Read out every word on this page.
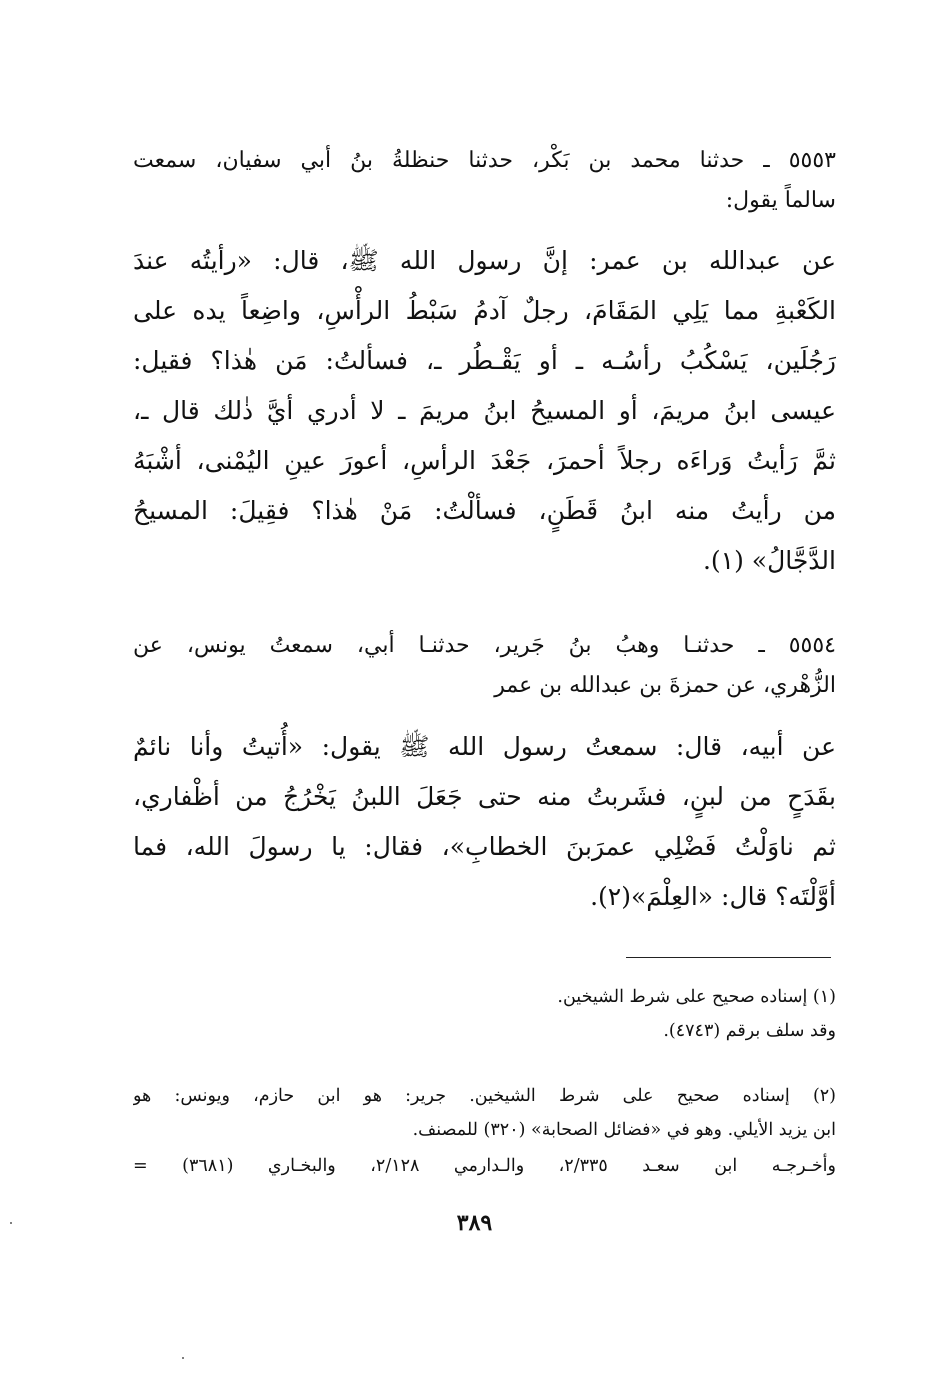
٥٥٥٣ ـ حدثنا محمد بن بَكْر، حدثنا حنظلةُ بنُ أبي سفيان، سمعت
سالماً يقول:
عن عبدالله بن عمر: إنَّ رسول الله ﷺ، قال: «رأيتُه عندَ
الكَعْبةِ مما يَلِي المَقَامَ، رجلٌ آدمُ سَبْطُ الرأْسِ، واضِعاً يده على
رَجُلَين، يَسْكُبُ رأسُـه ـ أو يَقْـطُر ـ، فسألتُ: مَن هٰذا؟ فقيل:
عيسى ابنُ مريمَ، أو المسيحُ ابنُ مريمَ ـ لا أدري أيَّ ذٰلك قال ـ،
ثمَّ رَأيتُ وَراءَه رجلاً أحمرَ، جَعْدَ الرأسِ، أعورَ عينِ اليُمْنى، أشْبَهُ
من رأيتُ منه ابنُ قَطَنٍ، فسألْتُ: مَنْ هٰذا؟ فقِيلَ: المسيحُ
الدَّجَّالُ» (١).
٥٥٥٤ ـ حدثنـا وهبُ بنُ جَرير، حدثنـا أبي، سمعتُ يونس، عن
الزُّهْري، عن حمزةَ بن عبدالله بن عمر
عن أبيه، قال: سمعتُ رسول الله ﷺ يقول: «أُتيتُ وأنا نائمٌ
بقَدَحٍ من لبنٍ، فشَربتُ منه حتى جَعَلَ اللبنُ يَخْرُجُ من أظْفاري،
ثم ناوَلْتُ فَضْلِي عمرَبنَ الخطابِ»، فقال: يا رسولَ الله، فما
أوَّلْتَه؟ قال: «العِلْمَ»(٢).
(١) إسناده صحيح على شرط الشيخين.
وقد سلف برقم (٤٧٤٣).
(٢) إسناده صحيح على شرط الشيخين. جرير: هو ابن حازم، ويونس: هو
ابن يزيد الأيلي. وهو في «فضائل الصحابة» (٣٢٠) للمصنف.
وأخـرجـه ابن سعـد ٢/٣٣٥، والـدارمي ٢/١٢٨، والبخـاري (٣٦٨١) =
٣٨٩
